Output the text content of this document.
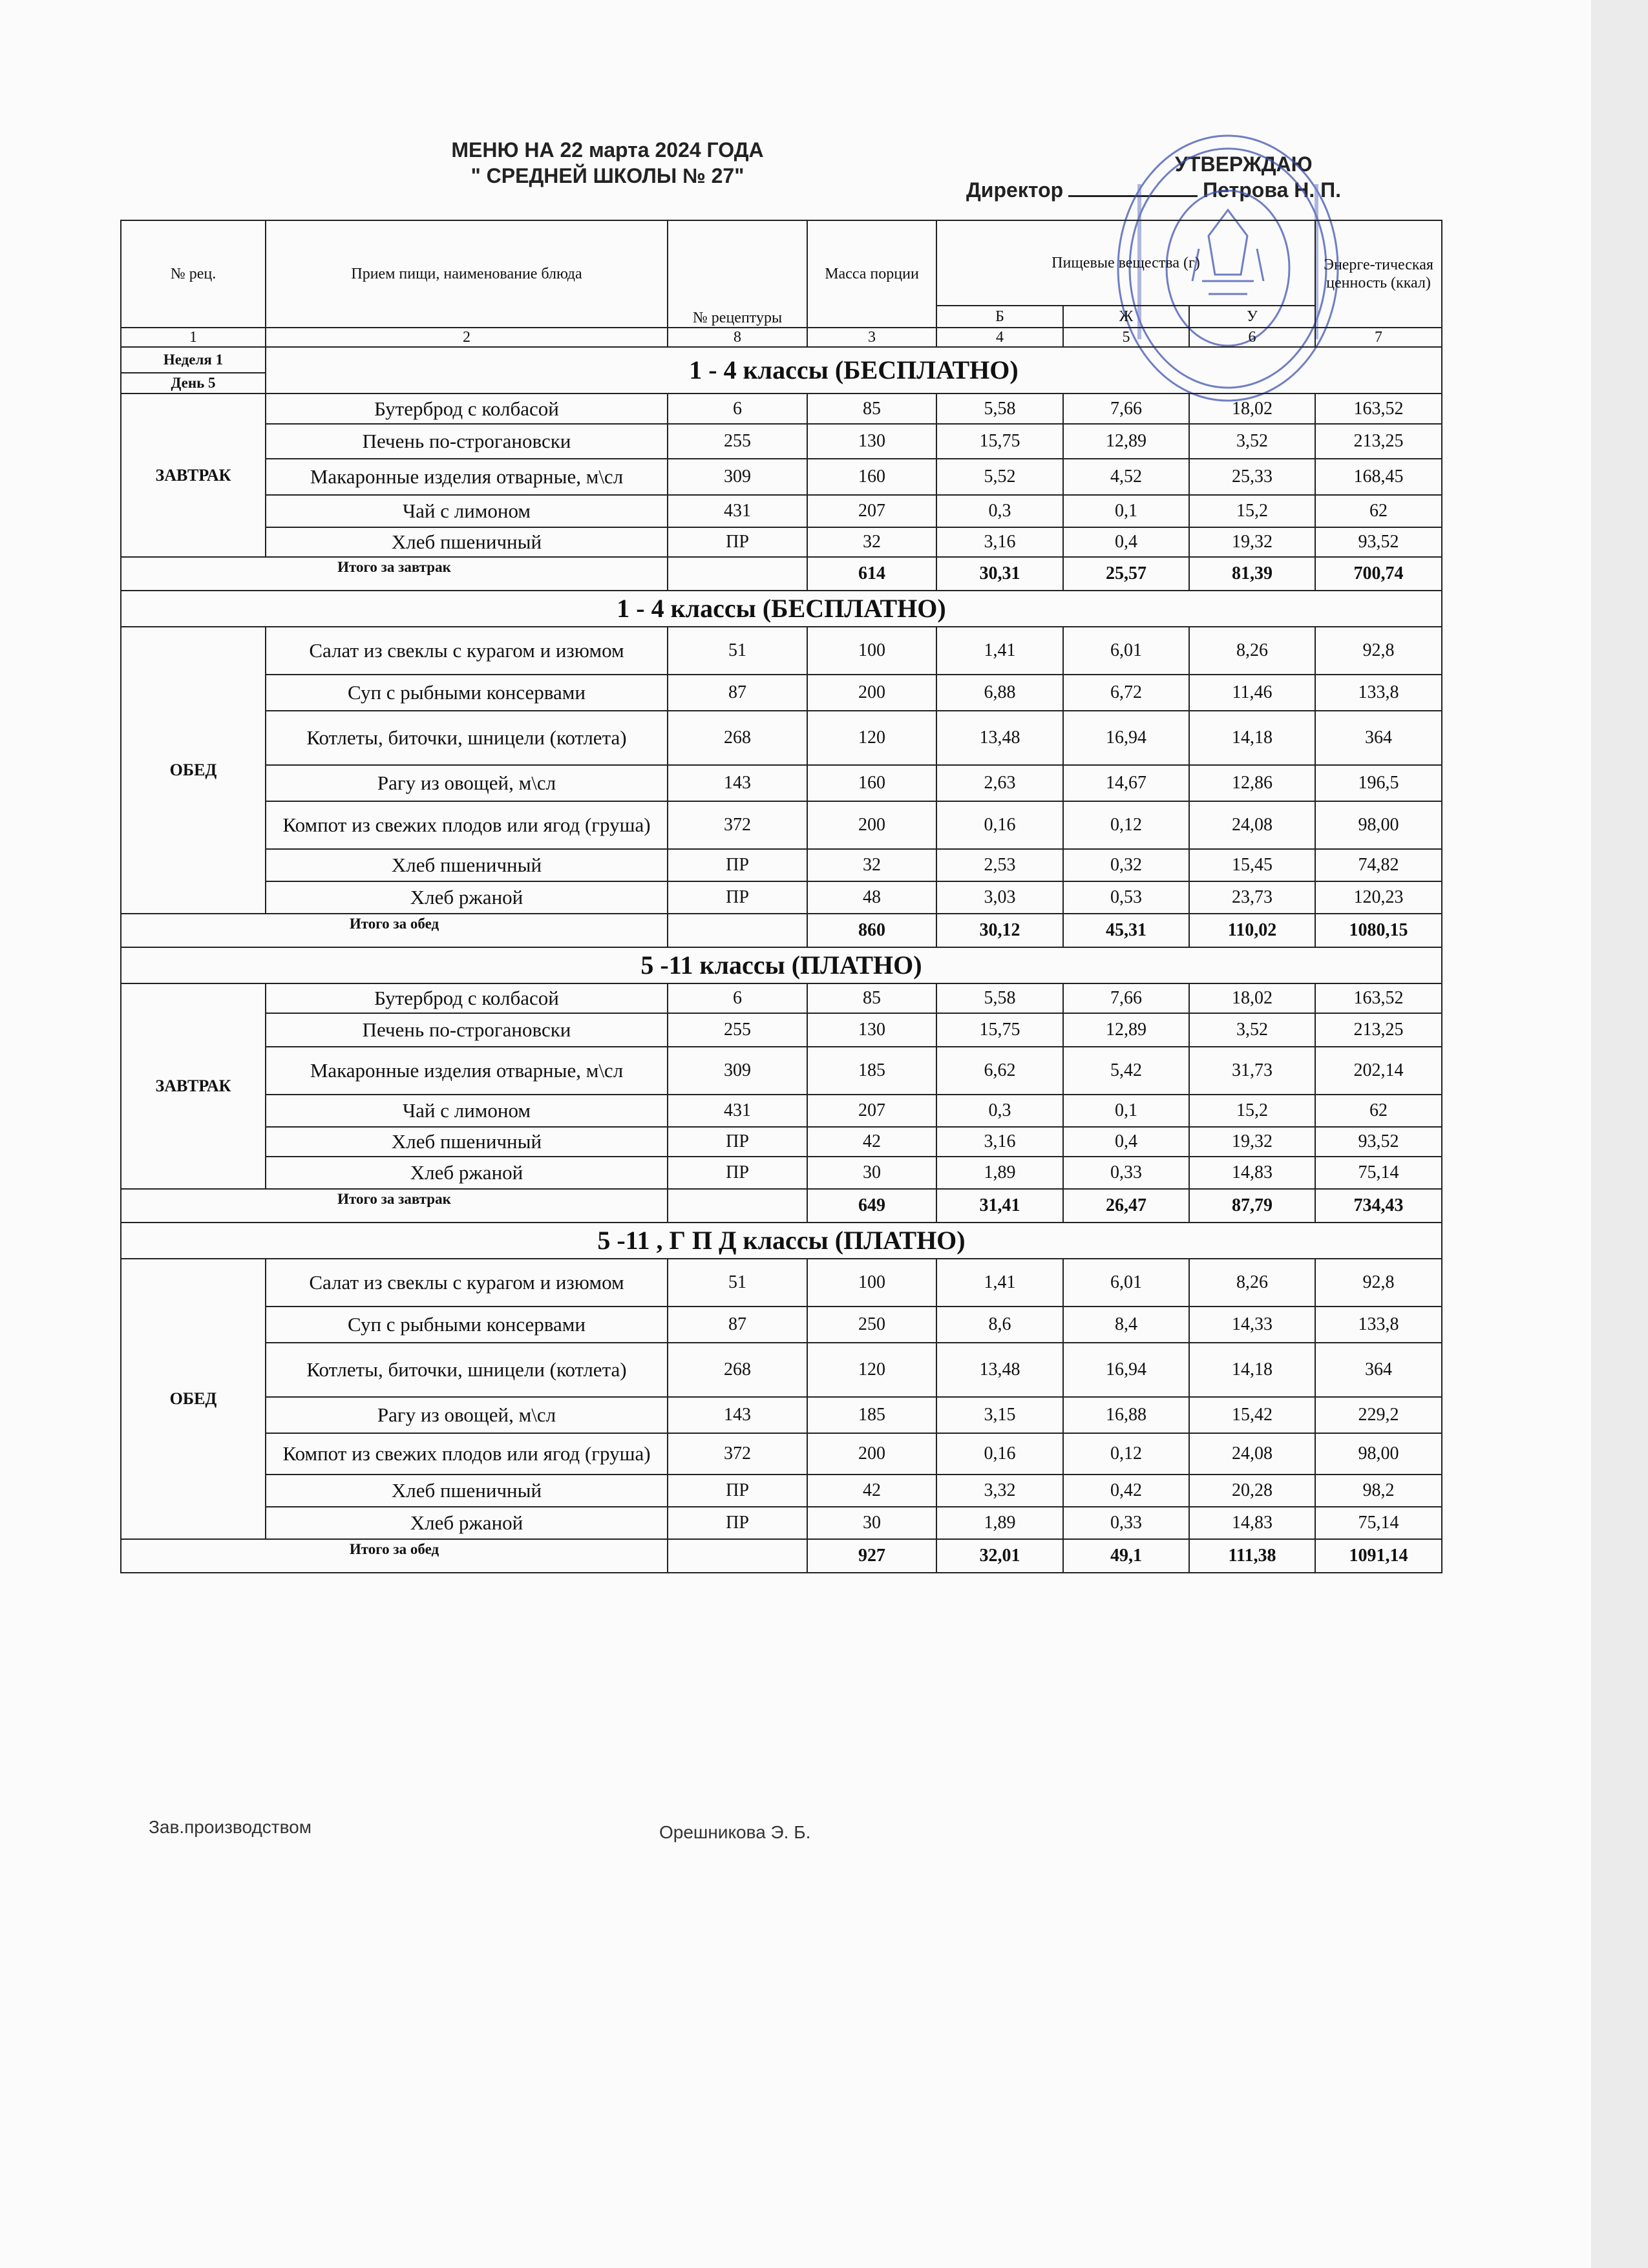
МЕНЮ НА 22 марта 2024 ГОДА
" СРЕДНЕЙ ШКОЛЫ № 27"	УТВЕРЖДАЮ
Директор	Петрова Н. П.
№ рец.	Прием пищи, наименование блюда	№ рецептуры	Масса порции	Пищевые вещества (г)			Энерге-тическая ценность (ккал)
				Б	Ж	У	
1	2	8	3	4	5	6	7
Неделя 1	1 - 4 классы (БЕСПЛАТНО)						
День 5							
ЗАВТРАК	Бутерброд с колбасой	6	85	5,58	7,66	18,02	163,52
	Печень по-строгановски	255	130	15,75	12,89	3,52	213,25
	Макаронные изделия отварные, м\сл	309	160	5,52	4,52	25,33	168,45
	Чай с лимоном	431	207	0,3	0,1	15,2	62
	Хлеб пшеничный	ПР	32	3,16	0,4	19,32	93,52
Итого за завтрак			614	30,31	25,57	81,39	700,74
1 - 4 классы (БЕСПЛАТНО)							
ОБЕД	Салат из свеклы с курагом и изюмом	51	100	1,41	6,01	8,26	92,8
	Суп с рыбными консервами	87	200	6,88	6,72	11,46	133,8
	Котлеты, биточки, шницели (котлета)	268	120	13,48	16,94	14,18	364
	Рагу из овощей, м\сл	143	160	2,63	14,67	12,86	196,5
	Компот из свежих плодов или ягод (груша)	372	200	0,16	0,12	24,08	98,00
	Хлеб пшеничный	ПР	32	2,53	0,32	15,45	74,82
	Хлеб ржаной	ПР	48	3,03	0,53	23,73	120,23
Итого за обед			860	30,12	45,31	110,02	1080,15
5 -11 классы (ПЛАТНО)							
ЗАВТРАК	Бутерброд с колбасой	6	85	5,58	7,66	18,02	163,52
	Печень по-строгановски	255	130	15,75	12,89	3,52	213,25
	Макаронные изделия отварные, м\сл	309	185	6,62	5,42	31,73	202,14
	Чай с лимоном	431	207	0,3	0,1	15,2	62
	Хлеб пшеничный	ПР	42	3,16	0,4	19,32	93,52
	Хлеб ржаной	ПР	30	1,89	0,33	14,83	75,14
Итого за завтрак			649	31,41	26,47	87,79	734,43
5 -11 , Г П Д классы (ПЛАТНО)							
ОБЕД	Салат из свеклы с курагом и изюмом	51	100	1,41	6,01	8,26	92,8
	Суп с рыбными консервами	87	250	8,6	8,4	14,33	133,8
	Котлеты, биточки, шницели (котлета)	268	120	13,48	16,94	14,18	364
	Рагу из овощей, м\сл	143	185	3,15	16,88	15,42	229,2
	Компот из свежих плодов или ягод (груша)	372	200	0,16	0,12	24,08	98,00
	Хлеб пшеничный	ПР	42	3,32	0,42	20,28	98,2
	Хлеб ржаной	ПР	30	1,89	0,33	14,83	75,14
Итого за обед			927	32,01	49,1	111,38	1091,14
Зав.производством	Орешникова Э. Б.
